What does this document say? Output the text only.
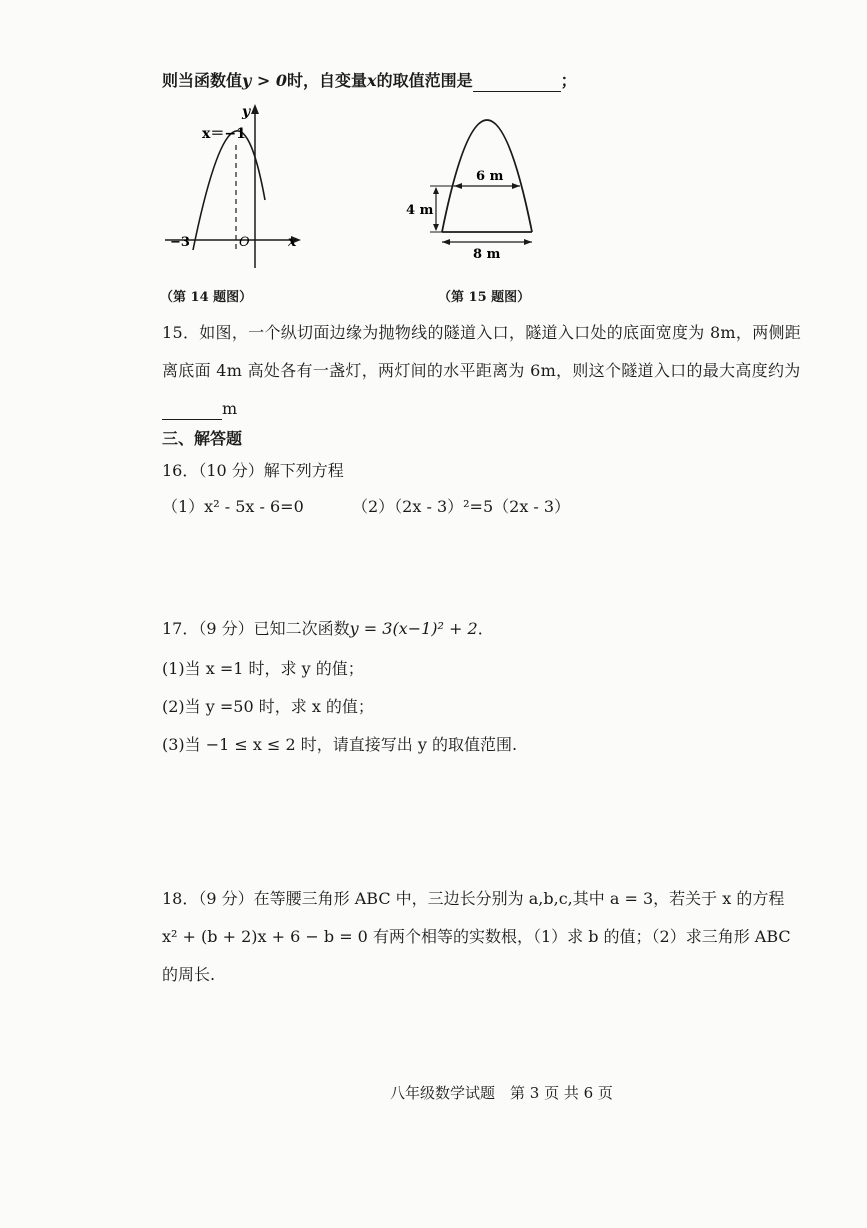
则当函数值y > 0时，自变量x的取值范围是	；
y
x
O
−3
x＝−1
（第 14 题图）
6 m
4 m
8 m
（第 15 题图）
15．如图，一个纵切面边缘为抛物线的隧道入口，隧道入口处的底面宽度为 8m，两侧距
离底面 4m 高处各有一盏灯，两灯间的水平距离为 6m，则这个隧道入口的最大高度约为
m
三、解答题
16．（10 分）解下列方程
（1）x² - 5x - 6=0	（2）（2x - 3）²=5（2x - 3）
17．（9 分）已知二次函数y = 3(x−1)² + 2．
(1)当 x =1 时，求 y 的值；
(2)当 y =50 时，求 x 的值；
(3)当 −1 ≤ x ≤ 2 时，请直接写出 y 的取值范围.
18．（9 分）在等腰三角形 ABC 中，三边长分别为 a,b,c,其中 a = 3，若关于 x 的方程
x² + (b + 2)x + 6 − b = 0 有两个相等的实数根，（1）求 b 的值；（2）求三角形 ABC
的周长.
八年级数学试题　第 3 页 共 6 页
